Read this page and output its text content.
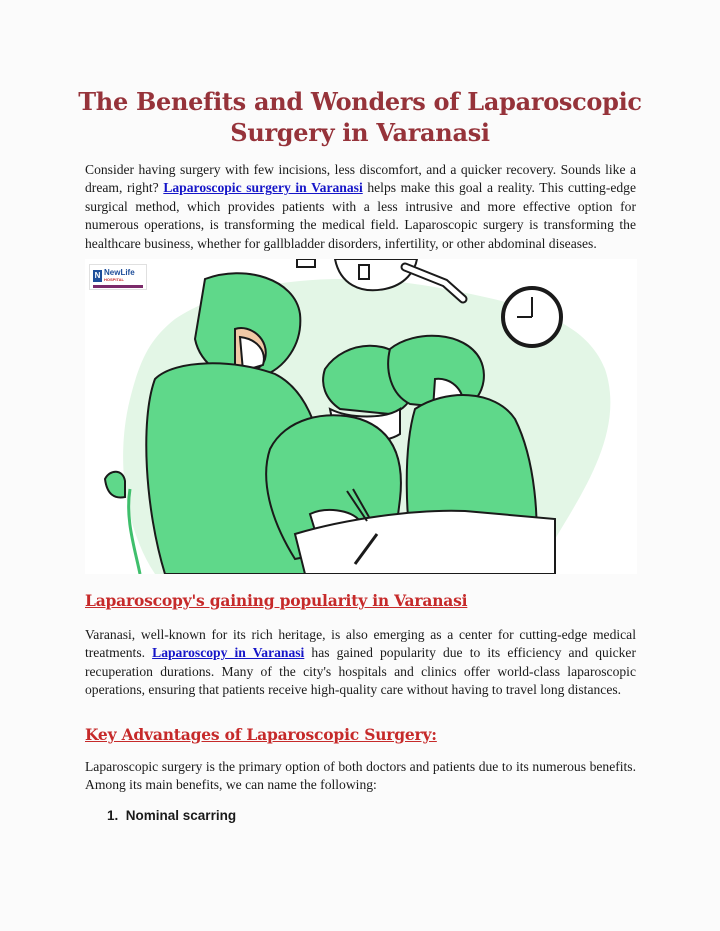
The Benefits and Wonders of Laparoscopic Surgery in Varanasi

Consider having surgery with few incisions, less discomfort, and a quicker recovery. Sounds like a dream, right? Laparoscopic surgery in Varanasi helps make this goal a reality. This cutting-edge surgical method, which provides patients with a less intrusive and more effective option for numerous operations, is transforming the medical field. Laparoscopic surgery is transforming the healthcare business, whether for gallbladder disorders, infertility, or other abdominal diseases.

N NewLife
HOSPITAL
Laparoscopy's gaining popularity in Varanasi

Varanasi, well-known for its rich heritage, is also emerging as a center for cutting-edge medical treatments. Laparoscopy in Varanasi has gained popularity due to its efficiency and quicker recuperation durations. Many of the city's hospitals and clinics offer world-class laparoscopic operations, ensuring that patients receive high-quality care without having to travel long distances.

Key Advantages of Laparoscopic Surgery:

Laparoscopic surgery is the primary option of both doctors and patients due to its numerous benefits. Among its main benefits, we can name the following:

1. Nominal scarring
